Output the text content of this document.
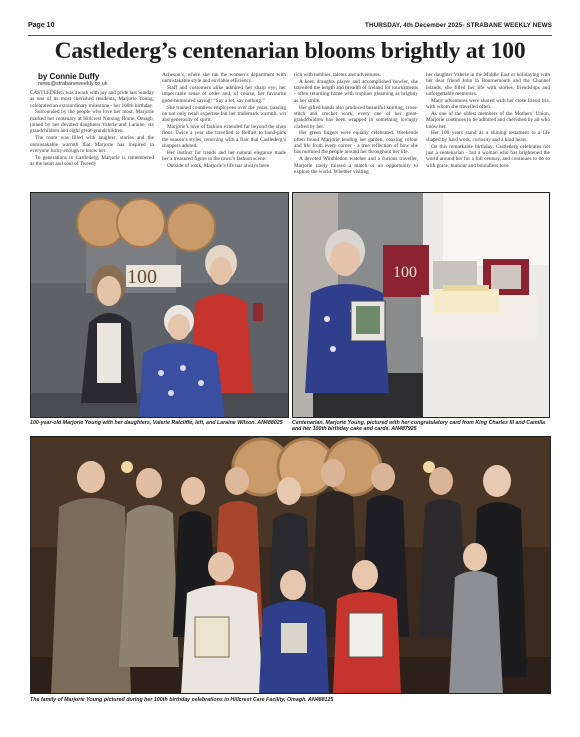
Page 10	THURSDAY, 4th December 2025- STRABANE WEEKLY NEWS
Castlederg’s centenarian blooms brightly at 100
by Connie Duffy
news@strabaneweekly.co.uk

CASTLEDERG was awash with joy and pride last Sunday as one of its most cherished residents, Marjorie Young, celebrated an extraordinary milestone - her 100th birthday.

Surrounded by the people who love her most, Marjorie marked her centenary at Hillcrest Nursing Home, Omagh, joined by her devoted daughters Valerie and Laraine, six grandchildren and eight great-grandchildren.

The room was filled with laughter, stories and the unmistakable warmth that Marjorie has inspired in everyone lucky enough to know her.

To generations in Castlederg, Marjorie is remembered as the heart and soul of Tweedy

Acheson’s, where she ran the women’s department with unmistakable style and enviable efficiency.

Staff and customers alike admired her sharp eye, her impeccable sense of order and, of course, her favourite good-humoured saying: “Say a lot, say nothing.”

She trained countless employees over the years, passing on not only retail expertise but her trademark warmth, wit and generosity of spirit.

Marjorie’s love of fashion extended far beyond the shop floor. Twice a year she travelled to Belfast to hand-pick the season’s styles, returning with a flair that Castlederg’s shoppers adored.

Her instinct for trends and her natural elegance made her a treasured figure in the town’s fashion scene.

Outside of work, Marjorie’s life has always been

rich with hobbies, talents and adventures.

A keen draughts player and accomplished bowler, she travelled the length and breadth of Ireland for tournaments - often returning home with trophies gleaming as brightly as her smile.

Her gifted hands also produced beautiful knitting, cross-stitch and crochet work; every one of her great-grandchildren has been wrapped in something lovingly crafted by her.

Her green fingers were equally celebrated. Weekends often found Marjorie tending her garden, coaxing colour and life from every corner - a true reflection of how she has nurtured the people around her throughout her life.

A devoted Wimbledon watcher and a curious traveller, Marjorie rarely missed a match or an opportunity to explore the world. Whether visiting

her daughter Valerie in the Middle East or holidaying with her dear friend John in Bournemouth and the Channel Islands, she filled her life with stories, friendships and unforgettable memories.

Many adventures were shared with her close friend Iris, with whom she travelled often.

As one of the oldest members of the Mothers’ Union, Marjorie continues to be admired and cherished by all who know her.

Her 100 years stand as a shining testament to a life shaped by hard work, curiosity and a kind heart.

On this remarkable birthday, Castlederg celebrates not just a centenarian - but a woman who has brightened the world around her for a full century, and continues to do so with grace, humour and boundless love.

100
100-year-old Marjorie Young with her daughters, Valerie Ratcliffe, left, and Laraine Wilson. AN488025
100
Centenarian, Marjorie Young, pictured with her congratulatory card from King Charles III and Camilla and her 100th birthday cake and cards. AN487925
The family of Marjorie Young pictured during her 100th birthday celebrations in Hillcrest Care Facility, Omagh. AN488125
